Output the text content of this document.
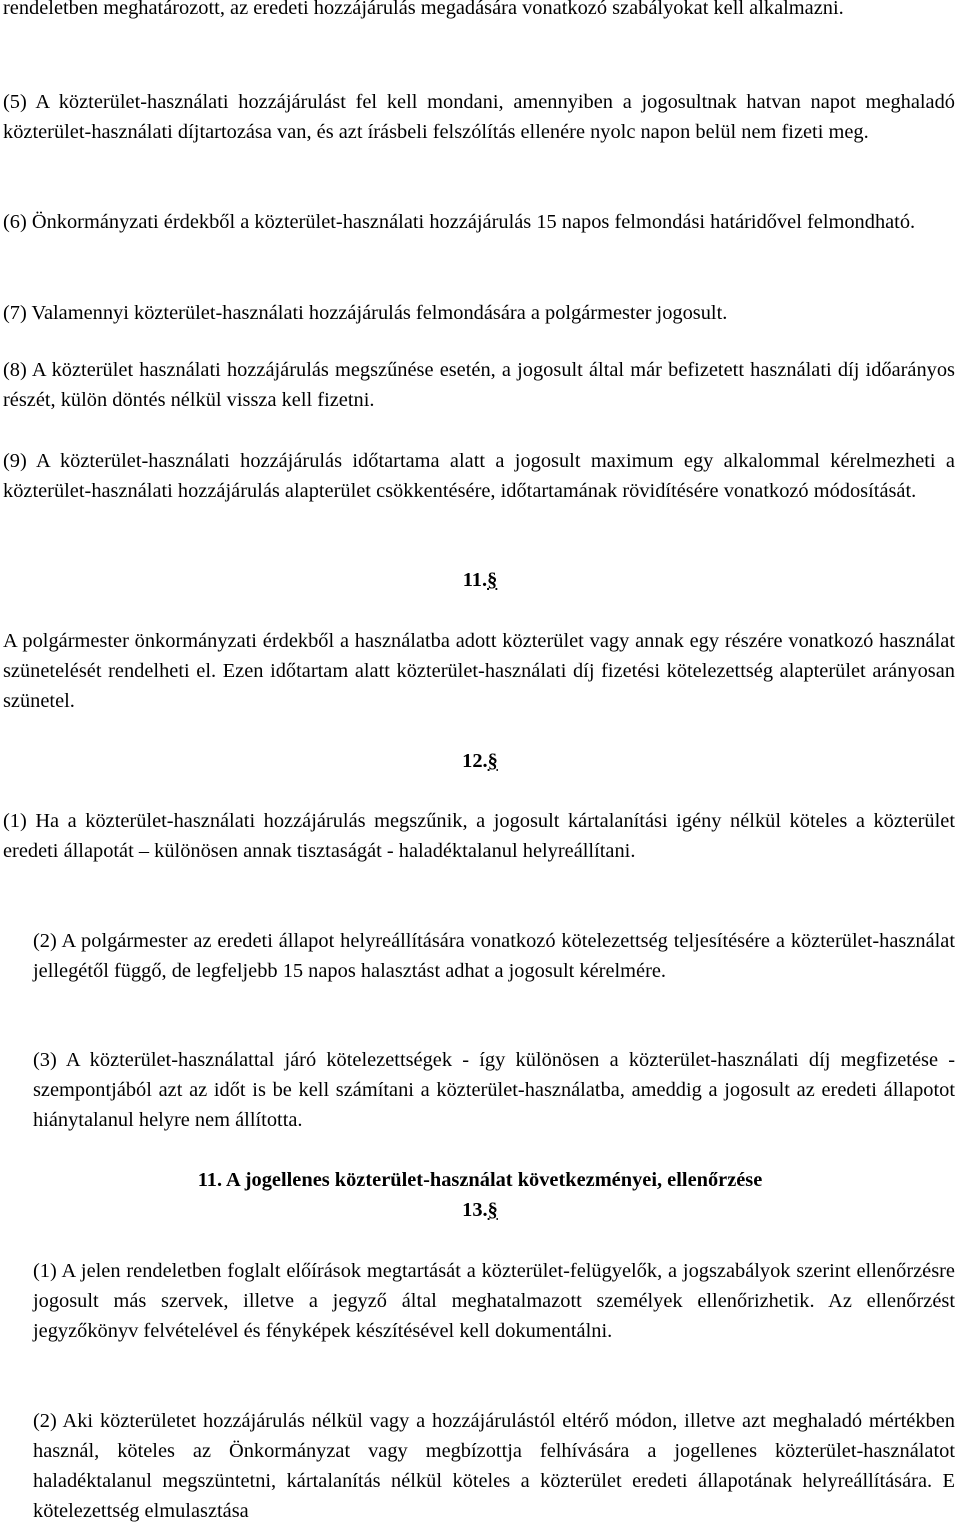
rendeletben meghatározott, az eredeti hozzájárulás megadására vonatkozó szabályokat kell alkalmazni.

(5) A közterület-használati hozzájárulást fel kell mondani, amennyiben a jogosultnak hatvan napot meghaladó közterület-használati díjtartozása van, és azt írásbeli felszólítás ellenére nyolc napon belül nem fizeti meg.

(6) Önkormányzati érdekből a közterület-használati hozzájárulás 15 napos felmondási határidővel felmondható.

(7) Valamennyi közterület-használati hozzájárulás felmondására a polgármester jogosult.

(8) A közterület használati hozzájárulás megszűnése esetén, a jogosult által már befizetett használati díj időarányos részét, külön döntés nélkül vissza kell fizetni.

(9) A közterület-használati hozzájárulás időtartama alatt a jogosult maximum egy alkalommal kérelmezheti a közterület-használati hozzájárulás alapterület csökkentésére, időtartamának rövidítésére vonatkozó módosítását.

11.§

A polgármester önkormányzati érdekből a használatba adott közterület vagy annak egy részére vonatkozó használat szünetelését rendelheti el. Ezen időtartam alatt közterület-használati díj fizetési kötelezettség alapterület arányosan szünetel.

12.§

(1) Ha a közterület-használati hozzájárulás megszűnik, a jogosult kártalanítási igény nélkül köteles a közterület eredeti állapotát – különösen annak tisztaságát - haladéktalanul helyreállítani.

(2) A polgármester az eredeti állapot helyreállítására vonatkozó kötelezettség teljesítésére a közterület-használat jellegétől függő, de legfeljebb 15 napos halasztást adhat a jogosult kérelmére.

(3) A közterület-használattal járó kötelezettségek - így különösen a közterület-használati díj megfizetése - szempontjából azt az időt is be kell számítani a közterület-használatba, ameddig a jogosult az eredeti állapotot hiánytalanul helyre nem állította.

11. A jogellenes közterület-használat következményei, ellenőrzése

13.§

(1) A jelen rendeletben foglalt előírások megtartását a közterület-felügyelők, a jogszabályok szerint ellenőrzésre jogosult más szervek, illetve a jegyző által meghatalmazott személyek ellenőrizhetik. Az ellenőrzést jegyzőkönyv felvételével és fényképek készítésével kell dokumentálni.

(2) Aki közterületet hozzájárulás nélkül vagy a hozzájárulástól eltérő módon, illetve azt meghaladó mértékben használ, köteles az Önkormányzat vagy megbízottja felhívására a jogellenes közterület-használatot haladéktalanul megszüntetni, kártalanítás nélkül köteles a közterület eredeti állapotának helyreállítására. E kötelezettség elmulasztása
